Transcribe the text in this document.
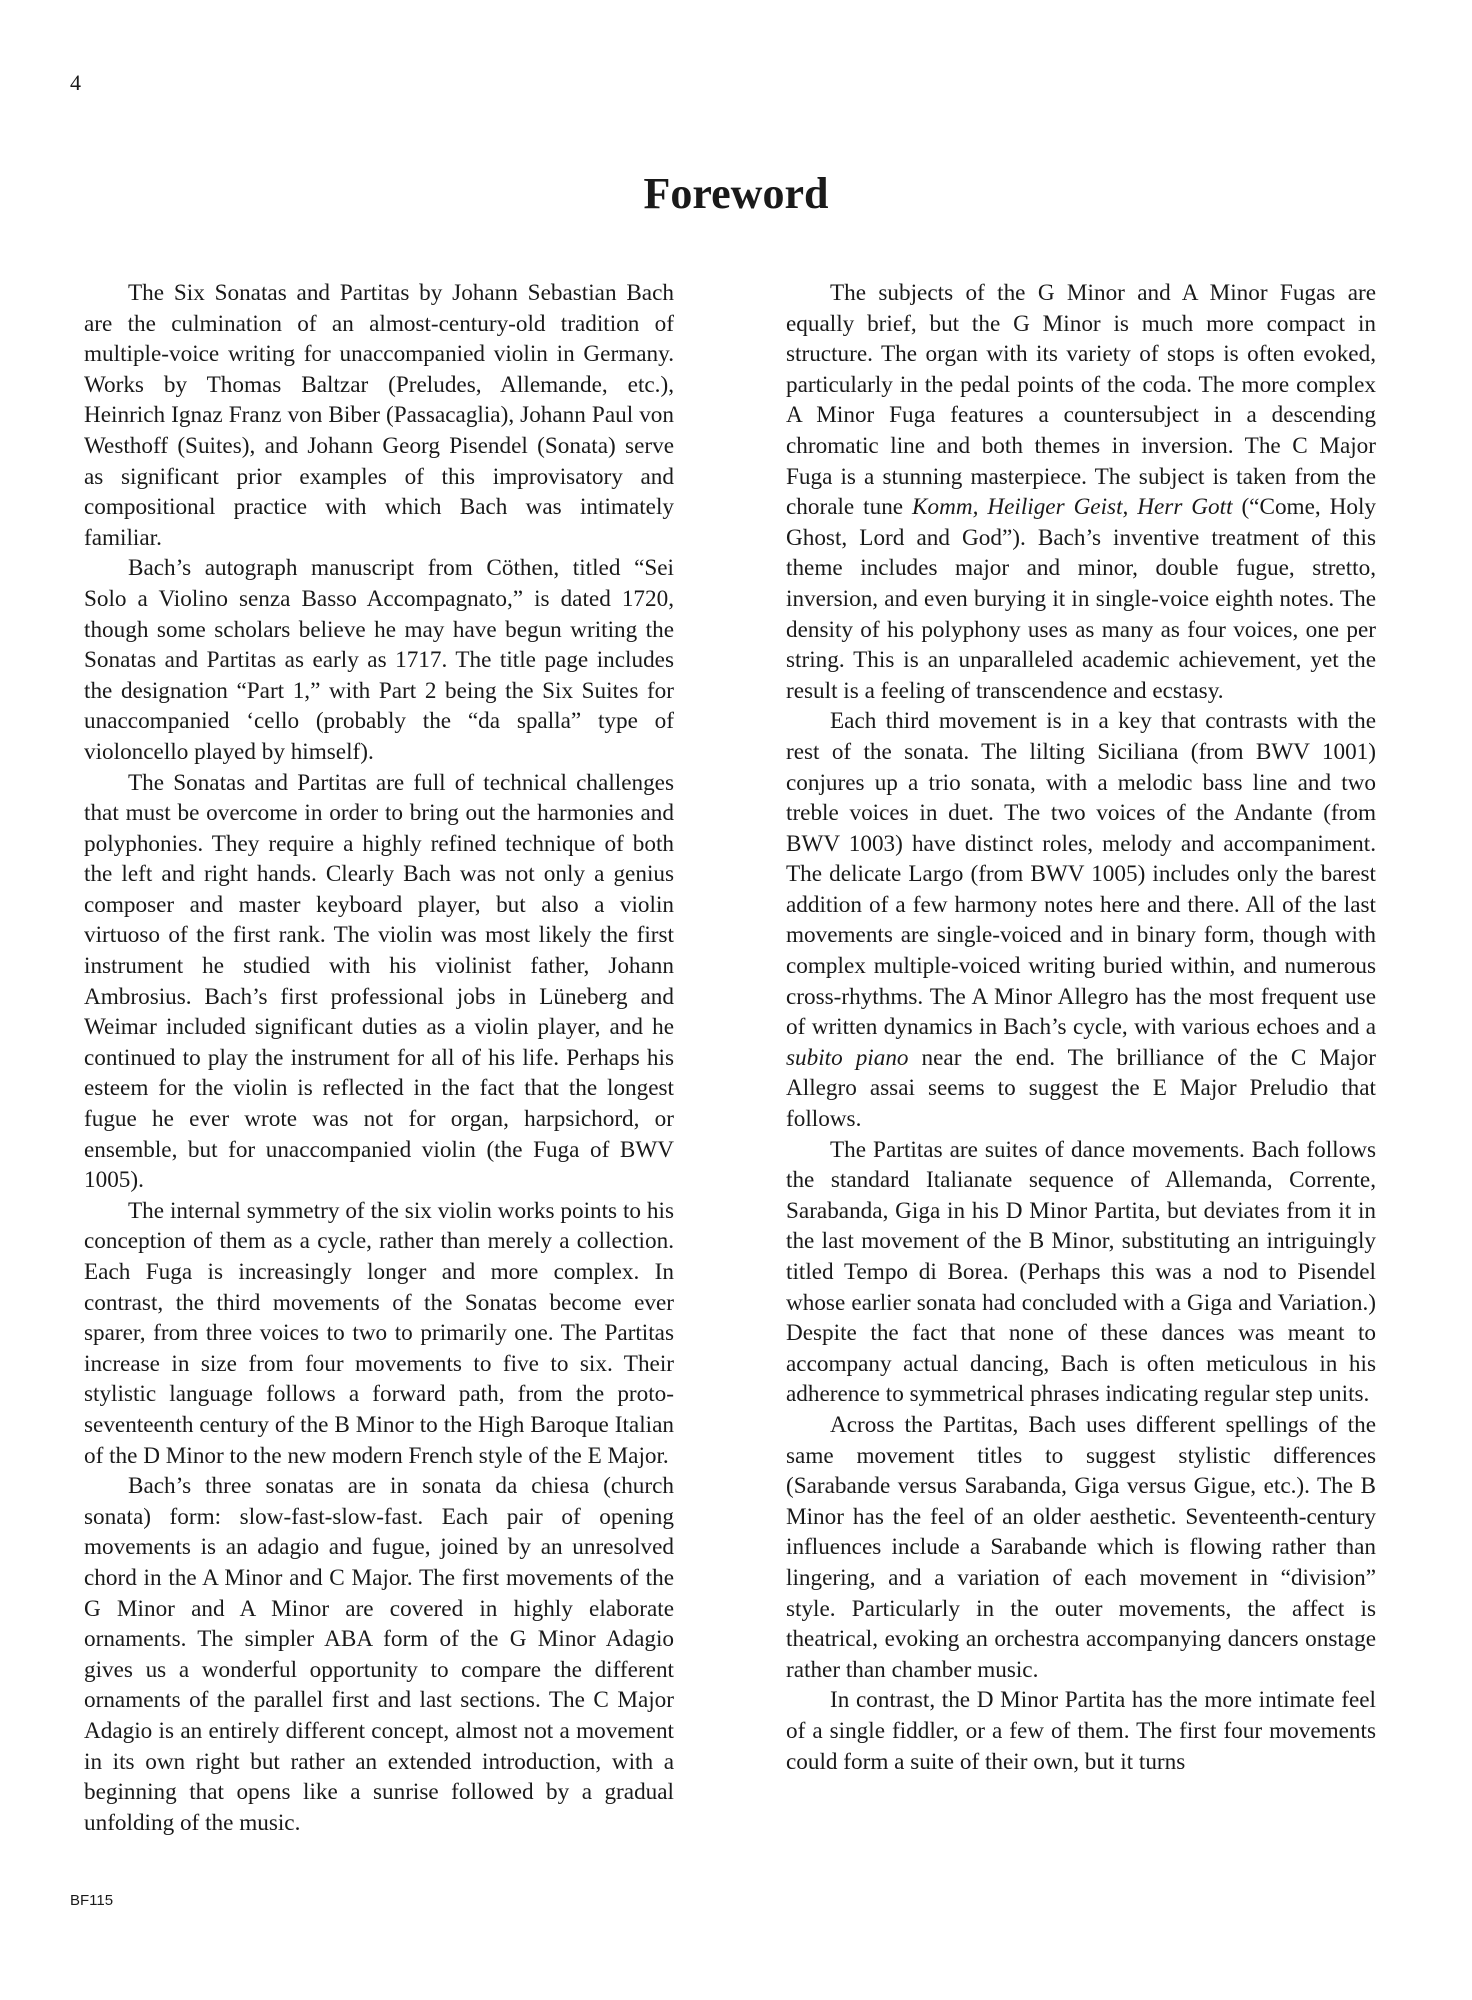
4
Foreword

The Six Sonatas and Partitas by Johann Sebastian Bach are the culmination of an almost-century-old tradition of multiple-voice writing for unaccompanied violin in Germany. Works by Thomas Baltzar (Preludes, Allemande, etc.), Heinrich Ignaz Franz von Biber (Passacaglia), Johann Paul von Westhoff (Suites), and Johann Georg Pisendel (Sonata) serve as significant prior examples of this improvisatory and compositional practice with which Bach was intimately familiar.

Bach’s autograph manuscript from Cöthen, titled “Sei Solo a Violino senza Basso Accompagnato,” is dated 1720, though some scholars believe he may have begun writing the Sonatas and Partitas as early as 1717. The title page includes the designation “Part 1,” with Part 2 being the Six Suites for unaccompanied ‘cello (probably the “da spalla” type of violoncello played by himself).

The Sonatas and Partitas are full of technical challenges that must be overcome in order to bring out the harmonies and polyphonies. They require a highly refined technique of both the left and right hands. Clearly Bach was not only a genius composer and master keyboard player, but also a violin virtuoso of the first rank. The violin was most likely the first instrument he studied with his violinist father, Johann Ambrosius. Bach’s first professional jobs in Lüneberg and Weimar included significant duties as a violin player, and he continued to play the instrument for all of his life. Perhaps his esteem for the violin is reflected in the fact that the longest fugue he ever wrote was not for organ, harpsichord, or ensemble, but for unaccompanied violin (the Fuga of BWV 1005).

The internal symmetry of the six violin works points to his conception of them as a cycle, rather than merely a collection. Each Fuga is increasingly longer and more complex. In contrast, the third movements of the Sonatas become ever sparer, from three voices to two to primarily one. The Partitas increase in size from four movements to five to six. Their stylistic language follows a forward path, from the proto-seventeenth century of the B Minor to the High Baroque Italian of the D Minor to the new modern French style of the E Major.

Bach’s three sonatas are in sonata da chiesa (church sonata) form: slow-fast-slow-fast. Each pair of opening movements is an adagio and fugue, joined by an unresolved chord in the A Minor and C Major. The first movements of the G Minor and A Minor are covered in highly elaborate ornaments. The simpler ABA form of the G Minor Adagio gives us a wonderful opportunity to compare the different ornaments of the parallel first and last sections. The C Major Adagio is an entirely different concept, almost not a movement in its own right but rather an extended introduction, with a beginning that opens like a sunrise followed by a gradual unfolding of the music.

The subjects of the G Minor and A Minor Fugas are equally brief, but the G Minor is much more compact in structure. The organ with its variety of stops is often evoked, particularly in the pedal points of the coda. The more complex A Minor Fuga features a countersubject in a descending chromatic line and both themes in inversion. The C Major Fuga is a stunning masterpiece. The subject is taken from the chorale tune Komm, Heiliger Geist, Herr Gott (“Come, Holy Ghost, Lord and God”). Bach’s inventive treatment of this theme includes major and minor, double fugue, stretto, inversion, and even burying it in single-voice eighth notes. The density of his polyphony uses as many as four voices, one per string. This is an unparalleled academic achievement, yet the result is a feeling of transcendence and ecstasy.

Each third movement is in a key that contrasts with the rest of the sonata. The lilting Siciliana (from BWV 1001) conjures up a trio sonata, with a melodic bass line and two treble voices in duet. The two voices of the Andante (from BWV 1003) have distinct roles, melody and accompaniment. The delicate Largo (from BWV 1005) includes only the barest addition of a few harmony notes here and there. All of the last movements are single-voiced and in binary form, though with complex multiple-voiced writing buried within, and numerous cross-rhythms. The A Minor Allegro has the most frequent use of written dynamics in Bach’s cycle, with various echoes and a subito piano near the end. The brilliance of the C Major Allegro assai seems to suggest the E Major Preludio that follows.

The Partitas are suites of dance movements. Bach follows the standard Italianate sequence of Allemanda, Corrente, Sarabanda, Giga in his D Minor Partita, but deviates from it in the last movement of the B Minor, substituting an intriguingly titled Tempo di Borea. (Perhaps this was a nod to Pisendel whose earlier sonata had concluded with a Giga and Variation.) Despite the fact that none of these dances was meant to accompany actual dancing, Bach is often meticulous in his adherence to symmetrical phrases indicating regular step units.

Across the Partitas, Bach uses different spellings of the same movement titles to suggest stylistic differences (Sarabande versus Sarabanda, Giga versus Gigue, etc.). The B Minor has the feel of an older aesthetic. Seventeenth-century influences include a Sarabande which is flowing rather than lingering, and a variation of each movement in “division” style. Particularly in the outer movements, the affect is theatrical, evoking an orchestra accompanying dancers onstage rather than chamber music.

In contrast, the D Minor Partita has the more intimate feel of a single fiddler, or a few of them. The first four movements could form a suite of their own, but it turns

BF115
